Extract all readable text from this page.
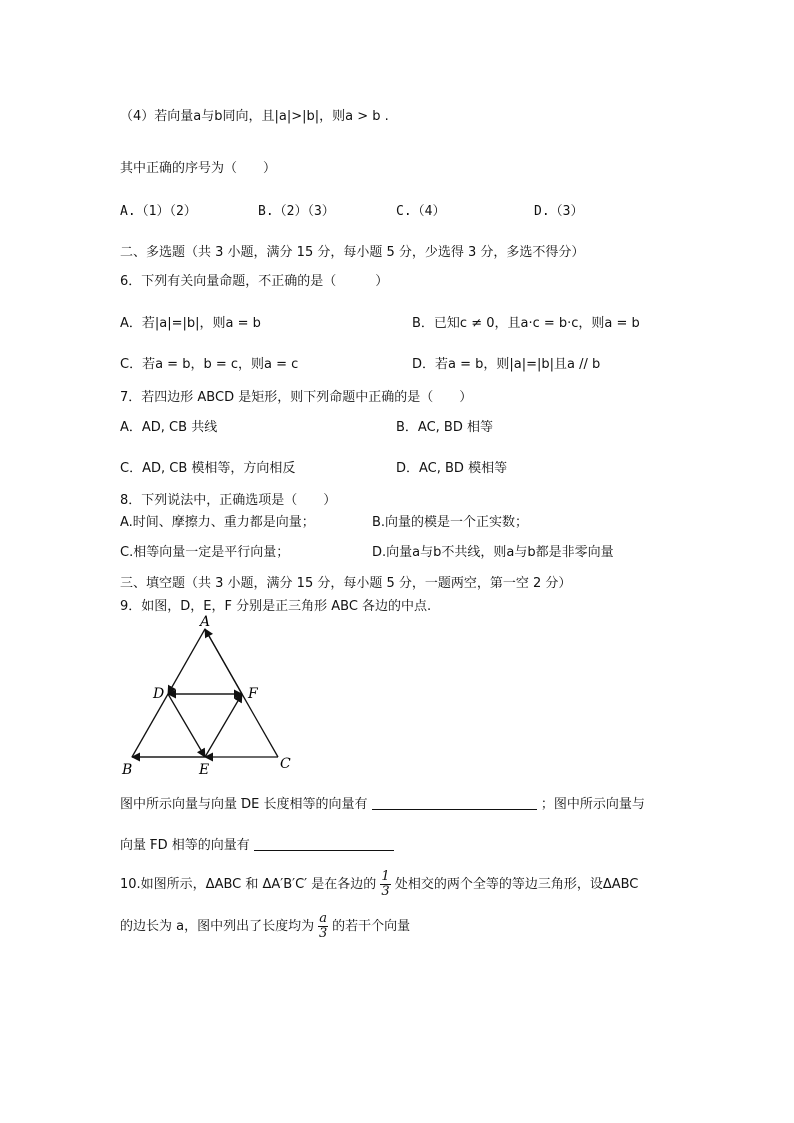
（4）若向量a与b同向，且|a|>|b|，则a > b .
其中正确的序号为（　　）
A.（1）（2）	B.（2）（3）	C.（4）	D.（3）
二、多选题（共 3 小题，满分 15 分，每小题 5 分，少选得 3 分，多选不得分）
6．下列有关向量命题，不正确的是（　　　）
A．若|a|=|b|，则a = b	B．已知c ≠ 0，且a·c = b·c，则a = b
C．若a = b，b = c，则a = c	D．若a = b，则|a|=|b|且a // b
7．若四边形 ABCD 是矩形，则下列命题中正确的是（　　）
A．AD, CB 共线	B．AC, BD 相等
C．AD, CB 模相等，方向相反	D．AC, BD 模相等
8．下列说法中，正确选项是（　　）
A.时间、摩擦力、重力都是向量；	B.向量的模是一个正实数；
C.相等向量一定是平行向量；	D.向量a与b不共线，则a与b都是非零向量
三、填空题（共 3 小题，满分 15 分，每小题 5 分，一题两空，第一空 2 分）
9．如图，D，E，F 分别是正三角形 ABC 各边的中点.
A
B	C
D
E
F
图中所示向量与向量 ــ DE 长度相等的向量有	；图中所示向量与
向量 ــ FD 相等的向量有
10.如图所示，ΔABC 和 ΔA′B′C′ 是在各边的 $\frac{1}{3}$ 处相交的两个全等的等边三角形，设ΔABC
的边长为 a，图中列出了长度均为 $\frac{a}{3}$ 的若干个向量
